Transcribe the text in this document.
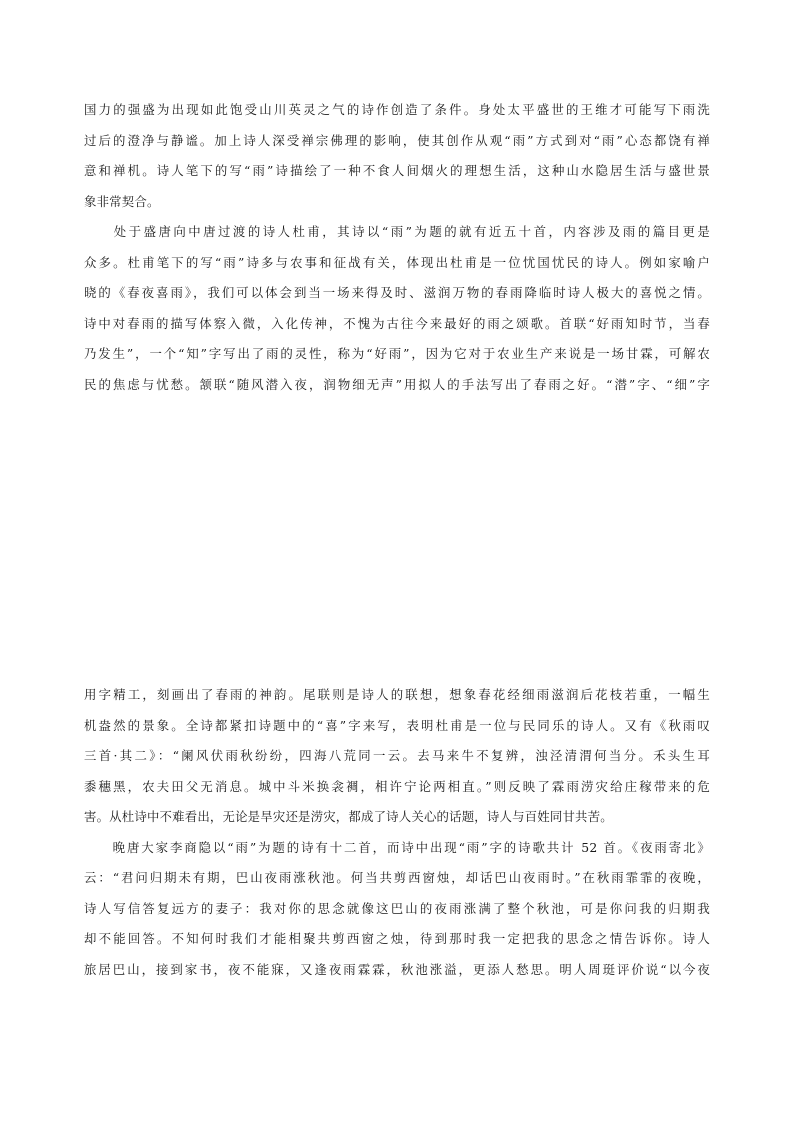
国力的强盛为出现如此饱受山川英灵之气的诗作创造了条件。身处太平盛世的王维才可能写下雨洗
过后的澄净与静谧。加上诗人深受禅宗佛理的影响，使其创作从观“雨”方式到对“雨”心态都饶有禅
意和禅机。诗人笔下的写“雨”诗描绘了一种不食人间烟火的理想生活，这种山水隐居生活与盛世景
象非常契合。
　　处于盛唐向中唐过渡的诗人杜甫，其诗以“雨”为题的就有近五十首，内容涉及雨的篇目更是
众多。杜甫笔下的写“雨”诗多与农事和征战有关，体现出杜甫是一位忧国忧民的诗人。例如家喻户
晓的《春夜喜雨》，我们可以体会到当一场来得及时、滋润万物的春雨降临时诗人极大的喜悦之情。
诗中对春雨的描写体察入微，入化传神，不愧为古往今来最好的雨之颂歌。首联“好雨知时节，当春
乃发生”，一个“知”字写出了雨的灵性，称为“好雨”，因为它对于农业生产来说是一场甘霖，可解农
民的焦虑与忧愁。颔联“随风潜入夜，润物细无声”用拟人的手法写出了春雨之好。“潜”字、“细”字
用字精工，刻画出了春雨的神韵。尾联则是诗人的联想，想象春花经细雨滋润后花枝若重，一幅生
机盎然的景象。全诗都紧扣诗题中的“喜”字来写，表明杜甫是一位与民同乐的诗人。又有《秋雨叹
三首·其二》：“阑风伏雨秋纷纷，四海八荒同一云。去马来牛不复辨，浊泾清渭何当分。禾头生耳
黍穗黑，农夫田父无消息。城中斗米换衾裯，相许宁论两相直。”则反映了霖雨涝灾给庄稼带来的危
害。从杜诗中不难看出，无论是旱灾还是涝灾，都成了诗人关心的话题，诗人与百姓同甘共苦。
　　晚唐大家李商隐以“雨”为题的诗有十二首，而诗中出现“雨”字的诗歌共计 52 首。《夜雨寄北》
云：“君问归期未有期，巴山夜雨涨秋池。何当共剪西窗烛，却话巴山夜雨时。”在秋雨霏霏的夜晚，
诗人写信答复远方的妻子：我对你的思念就像这巴山的夜雨涨满了整个秋池，可是你问我的归期我
却不能回答。不知何时我们才能相聚共剪西窗之烛，待到那时我一定把我的思念之情告诉你。诗人
旅居巴山，接到家书，夜不能寐，又逢夜雨霖霖，秋池涨溢，更添人愁思。明人周珽评价说“以今夜
